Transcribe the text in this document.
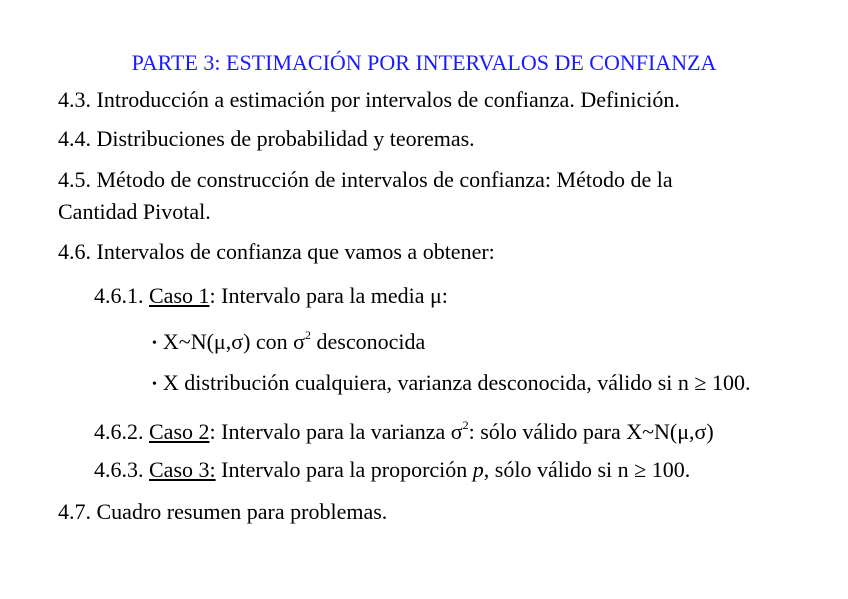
PARTE 3: ESTIMACIÓN POR INTERVALOS DE CONFIANZA
4.3. Introducción a estimación por intervalos de confianza. Definición.
4.4. Distribuciones de probabilidad y teoremas.
4.5. Método de construcción de intervalos de confianza: Método de la
Cantidad Pivotal.
4.6. Intervalos de confianza que vamos a obtener:
4.6.1. Caso 1: Intervalo para la media μ:
• X~N(μ,σ) con $\sigma^2$ desconocida
• X distribución cualquiera, varianza desconocida, válido si n ≥ 100.
4.6.2. Caso 2: Intervalo para la varianza $\sigma^2$: sólo válido para X~N(μ,σ)
4.6.3. Caso 3: Intervalo para la proporción p, sólo válido si n ≥ 100.
4.7. Cuadro resumen para problemas.
